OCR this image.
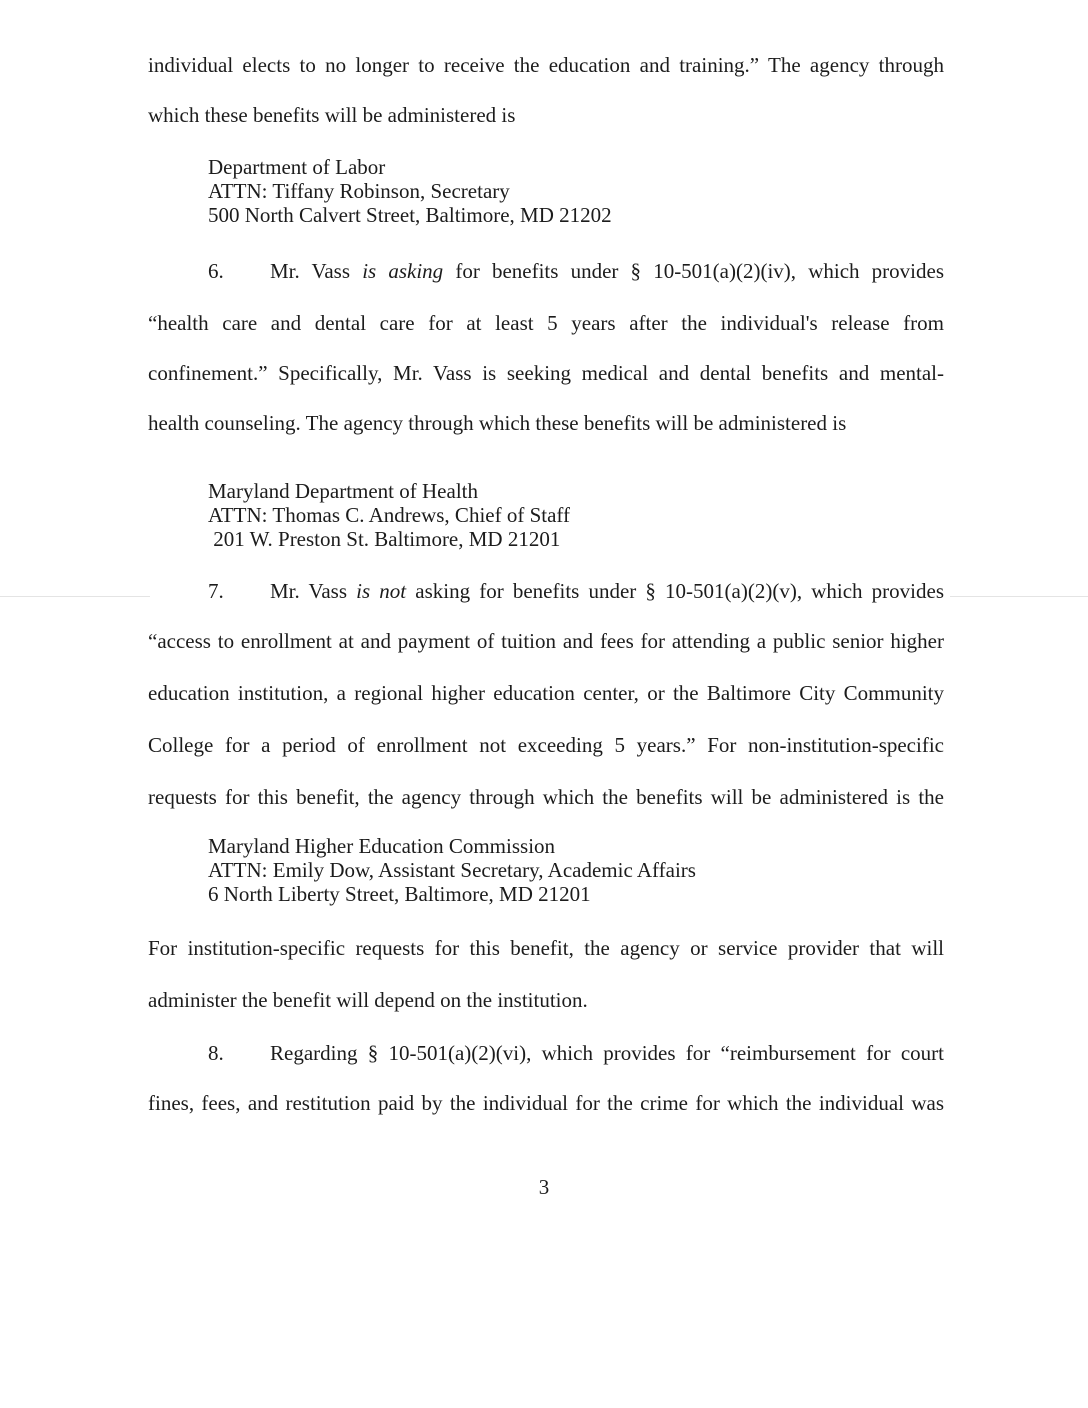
individual elects to no longer to receive the education and training.” The agency through
which these benefits will be administered is
Department of Labor
ATTN: Tiffany Robinson, Secretary
500 North Calvert Street, Baltimore, MD 21202
6. Mr. Vass is asking for benefits under § 10-501(a)(2)(iv), which provides
“health care and dental care for at least 5 years after the individual's release from
confinement.” Specifically, Mr. Vass is seeking medical and dental benefits and mental-
health counseling. The agency through which these benefits will be administered is
Maryland Department of Health
ATTN: Thomas C. Andrews, Chief of Staff
201 W. Preston St. Baltimore, MD 21201
7. Mr. Vass is not asking for benefits under § 10-501(a)(2)(v), which provides
“access to enrollment at and payment of tuition and fees for attending a public senior higher
education institution, a regional higher education center, or the Baltimore City Community
College for a period of enrollment not exceeding 5 years.” For non-institution-specific
requests for this benefit, the agency through which the benefits will be administered is the
Maryland Higher Education Commission
ATTN: Emily Dow, Assistant Secretary, Academic Affairs
6 North Liberty Street, Baltimore, MD 21201
For institution-specific requests for this benefit, the agency or service provider that will
administer the benefit will depend on the institution.
8. Regarding § 10-501(a)(2)(vi), which provides for “reimbursement for court
fines, fees, and restitution paid by the individual for the crime for which the individual was
3
